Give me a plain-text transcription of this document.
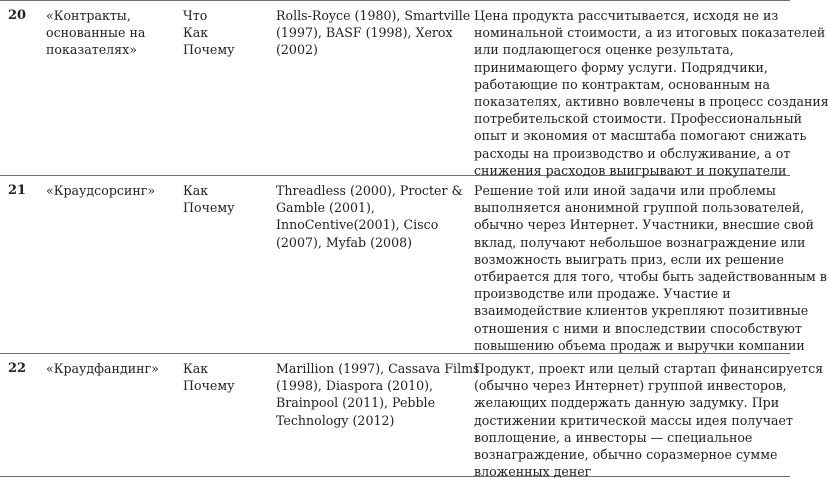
20 «Контракты,
основанные на
показателях»
Что
Как
Почему
Rolls-Royce (1980), Smartville
(1997), BASF (1998), Xerox
(2002)
Цена продукта рассчитывается, исходя не из
номинальной стоимости, а из итоговых показателей
или подлающегося оценке результата,
принимающего форму услуги. Подрядчики,
работающие по контрактам, основанным на
показателях, активно вовлечены в процесс создания
потребительской стоимости. Профессиональный
опыт и экономия от масштаба помогают снижать
расходы на производство и обслуживание, а от
снижения расходов выигрывают и покупатели
21 «Краудсорсинг» Как
Почему
Threadless (2000), Procter &
Gamble (2001),
InnoCentive(2001), Cisco
(2007), Myfab (2008)
Решение той или иной задачи или проблемы
выполняется анонимной группой пользователей,
обычно через Интернет. Участники, внесшие свой
вклад, получают небольшое вознаграждение или
возможность выиграть приз, если их решение
отбирается для того, чтобы быть задействованным в
производстве или продаже. Участие и
взаимодействие клиентов укрепляют позитивные
отношения с ними и впоследствии способствуют
повышению объема продаж и выручки компании
22 «Краудфандинг» Как
Почему
Marillion (1997), Cassava Films
(1998), Diaspora (2010),
Brainpool (2011), Pebble
Technology (2012)
Продукт, проект или целый стартап финансируется
(обычно через Интернет) группой инвесторов,
желающих поддержать данную задумку. При
достижении критической массы идея получает
воплощение, а инвесторы — специальное
вознаграждение, обычно соразмерное сумме
вложенных денег
